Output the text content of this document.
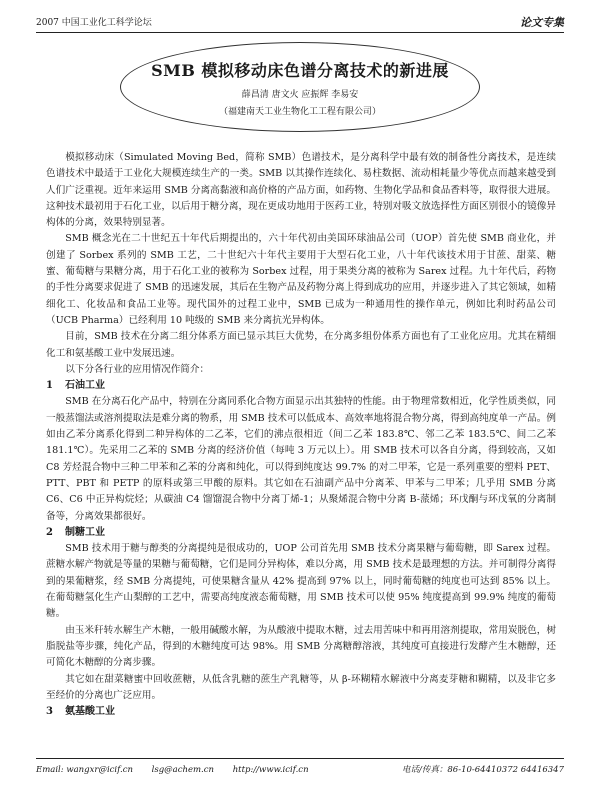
2007 中国工业化工科学论坛	论文专集
SMB 模拟移动床色谱分离技术的新进展
薛昌清 唐文火 应振辉 李易安
（福建南天工业生物化工工程有限公司）

模拟移动床（Simulated Moving Bed，简称 SMB）色谱技术，是分离科学中最有效的制备性分离技术，是连续色谱技术中最适于工业化大规模连续生产的一类。SMB 以其操作连续化、易柱数据、流动相耗量少等优点而越来越受到人们广泛重视。近年来运用 SMB 分离高黏液和高价格的产品方面，如药物、生物化学品和食品香料等，取得很大进展。这种技术最初用于石化工业，以后用于糖分离，现在更成功地用于医药工业，特别对吸文放选择性方面区别很小的镜像异构体的分离，效果特别显著。

SMB 概念光在二十世纪五十年代后期提出的，六十年代初由美国环球油品公司（UOP）首先使 SMB 商业化，并创建了 Sorbex 系列的 SMB 工艺，二十世纪六十年代主要用于大型石化工业，八十年代该技术用于甘蔗、甜菜、糖蜜、葡萄糖与果糖分离，用于石化工业的被称为 Sorbex 过程，用于果类分离的被称为 Sarex 过程。九十年代后，药物的手性分离要求促进了 SMB 的迅速发展，其后在生物产品及药物分离上得到成功的应用，并逐步进入了其它领域，如精细化工、化妆品和食品工业等。现代国外的过程工业中，SMB 已成为一种通用性的操作单元，例如比利时药品公司（UCB Pharma）已经利用 10 吨级的 SMB 来分离抗光异构体。

目前，SMB 技术在分离二组分体系方面已显示其巨大优势，在分离多组份体系方面也有了工业化应用。尤其在精细化工和氨基酸工业中发展迅速。

以下分各行业的应用情况作简介：

1 石油工业

SMB 在分离石化产品中，特别在分离同系化合物方面显示出其独特的性能。由于物理常数相近，化学性质类似，同一般蒸馏法或溶剂提取法是难分离的物系，用 SMB 技术可以低成本、高效率地将混合物分离，得到高纯度单一产品。例如由乙苯分离系化得到二种异构体的二乙苯，它们的沸点很相近（间二乙苯 183.8℃、邻二乙苯 183.5℃、间二乙苯 181.1℃）。先采用二乙苯的 SMB 分离的经济价值（每吨 3 万元以上）。用 SMB 技术可以各自分离，得到较高，又如 C8 芳烃混合物中三种二甲苯和乙苯的分离和纯化，可以得到纯度达 99.7% 的对二甲苯，它是一系列重要的塑料 PET、PTT、PBT 和 PETP 的原料或第三甲酸的原料。其它如在石油副产品中分离苯、甲苯与二甲苯；几乎用 SMB 分离 C6、C6 中正异构烷烃；从碳油 C4 馏馏混合物中分离丁烯-1；从聚烯混合物中分离 B-蒎烯；环戊酮与环戊氧的分离制备等，分离效果都很好。

2 制糖工业

SMB 技术用于糖与醇类的分离提纯是很成功的，UOP 公司首先用 SMB 技术分离果糖与葡萄糖，即 Sarex 过程。蔗糖水解产物就是等量的果糖与葡萄糖，它们是同分异构体，难以分离，用 SMB 技术是最理想的方法。并可制得分离得到的果葡糖浆，经 SMB 分离提纯，可使果糖含量从 42% 提高到 97% 以上，同时葡萄糖的纯度也可达到 85% 以上。在葡萄糖氢化生产山梨醇的工艺中，需要高纯度液态葡萄糖，用 SMB 技术可以使 95% 纯度提高到 99.9% 纯度的葡萄糖。

由玉米秆转水解生产木糖，一般用碱酸水解，为从酸液中提取木糖，过去用苦味中和再用溶剂提取，常用炭脱色，树脂脱盐等步骤，纯化产品，得到的木糖纯度可达 98%。用 SMB 分离糖醇溶液，其纯度可直接进行发酵产生木糖醇，还可简化木糖醇的分离步骤。

其它如在甜菜糖蜜中回收蔗糖，从低含乳糖的蔗生产乳糖等，从 β-环糊精水解液中分离麦芽糖和糊精，以及非它多至经价的分离也广泛应用。

3 氨基酸工业
Email: wangxr@icif.cn lsg@achem.cn http://www.icif.cn	电话/传真：86-10-64410372 64416347
